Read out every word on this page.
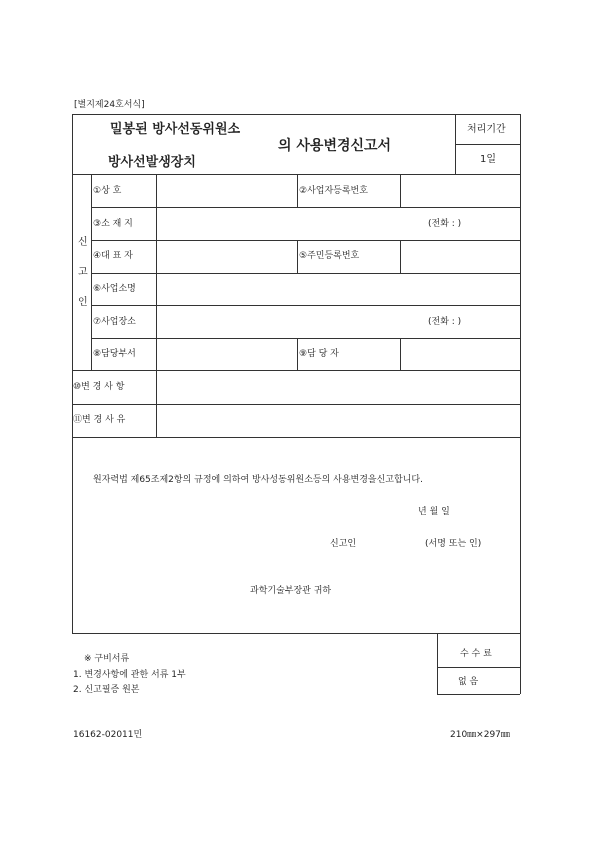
[별지제24호서식]
밀봉된 방사선동위원소
방사선발생장치
의 사용변경신고서
처리기간
1일
신
고
인
①상 호	②사업자등록번호
③소 재 지	(전화 : )
④대 표 자	⑤주민등록번호
⑥사업소명
⑦사업장소	(전화 : )
⑧담당부서	⑨담 당 자
⑩변 경 사 항
⑪변 경 사 유
원자력법 제65조제2항의 규정에 의하여 방사성동위원소등의 사용변경을신고합니다.
년 월 일
신고인	(서명 또는 인)
과학기술부장관 귀하
※ 구비서류
1. 변경사항에 관한 서류 1부
2. 신고필증 원본
수 수 료
없 음
16162-02011민	210㎜×297㎜
